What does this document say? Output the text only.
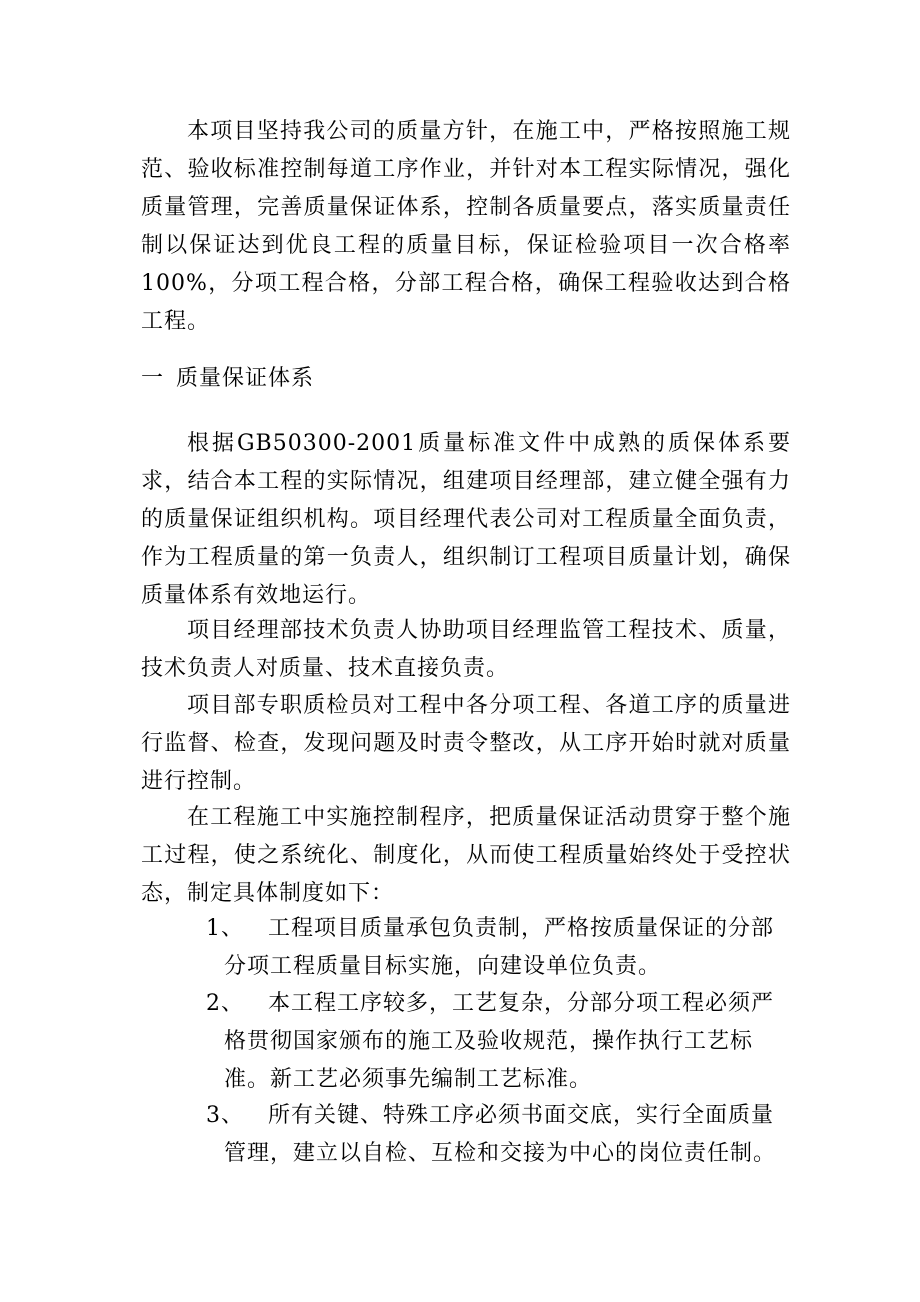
本项目坚持我公司的质量方针，在施工中，严格按照施工规范、验收标准控制每道工序作业，并针对本工程实际情况，强化质量管理，完善质量保证体系，控制各质量要点，落实质量责任制以保证达到优良工程的质量目标，保证检验项目一次合格率100%，分项工程合格，分部工程合格，确保工程验收达到合格工程。

一 质量保证体系

根据GB50300-2001质量标准文件中成熟的质保体系要求，结合本工程的实际情况，组建项目经理部，建立健全强有力的质量保证组织机构。项目经理代表公司对工程质量全面负责，作为工程质量的第一负责人，组织制订工程项目质量计划，确保质量体系有效地运行。

项目经理部技术负责人协助项目经理监管工程技术、质量，技术负责人对质量、技术直接负责。

项目部专职质检员对工程中各分项工程、各道工序的质量进行监督、检查，发现问题及时责令整改，从工序开始时就对质量进行控制。

在工程施工中实施控制程序，把质量保证活动贯穿于整个施工过程，使之系统化、制度化，从而使工程质量始终处于受控状态，制定具体制度如下：

1、	工程项目质量承包负责制，严格按质量保证的分部
分项工程质量目标实施，向建设单位负责。
2、	本工程工序较多，工艺复杂，分部分项工程必须严
格贯彻国家颁布的施工及验收规范，操作执行工艺标准。新工艺必须事先编制工艺标准。
3、	所有关键、特殊工序必须书面交底，实行全面质量
管理，建立以自检、互检和交接为中心的岗位责任制。
